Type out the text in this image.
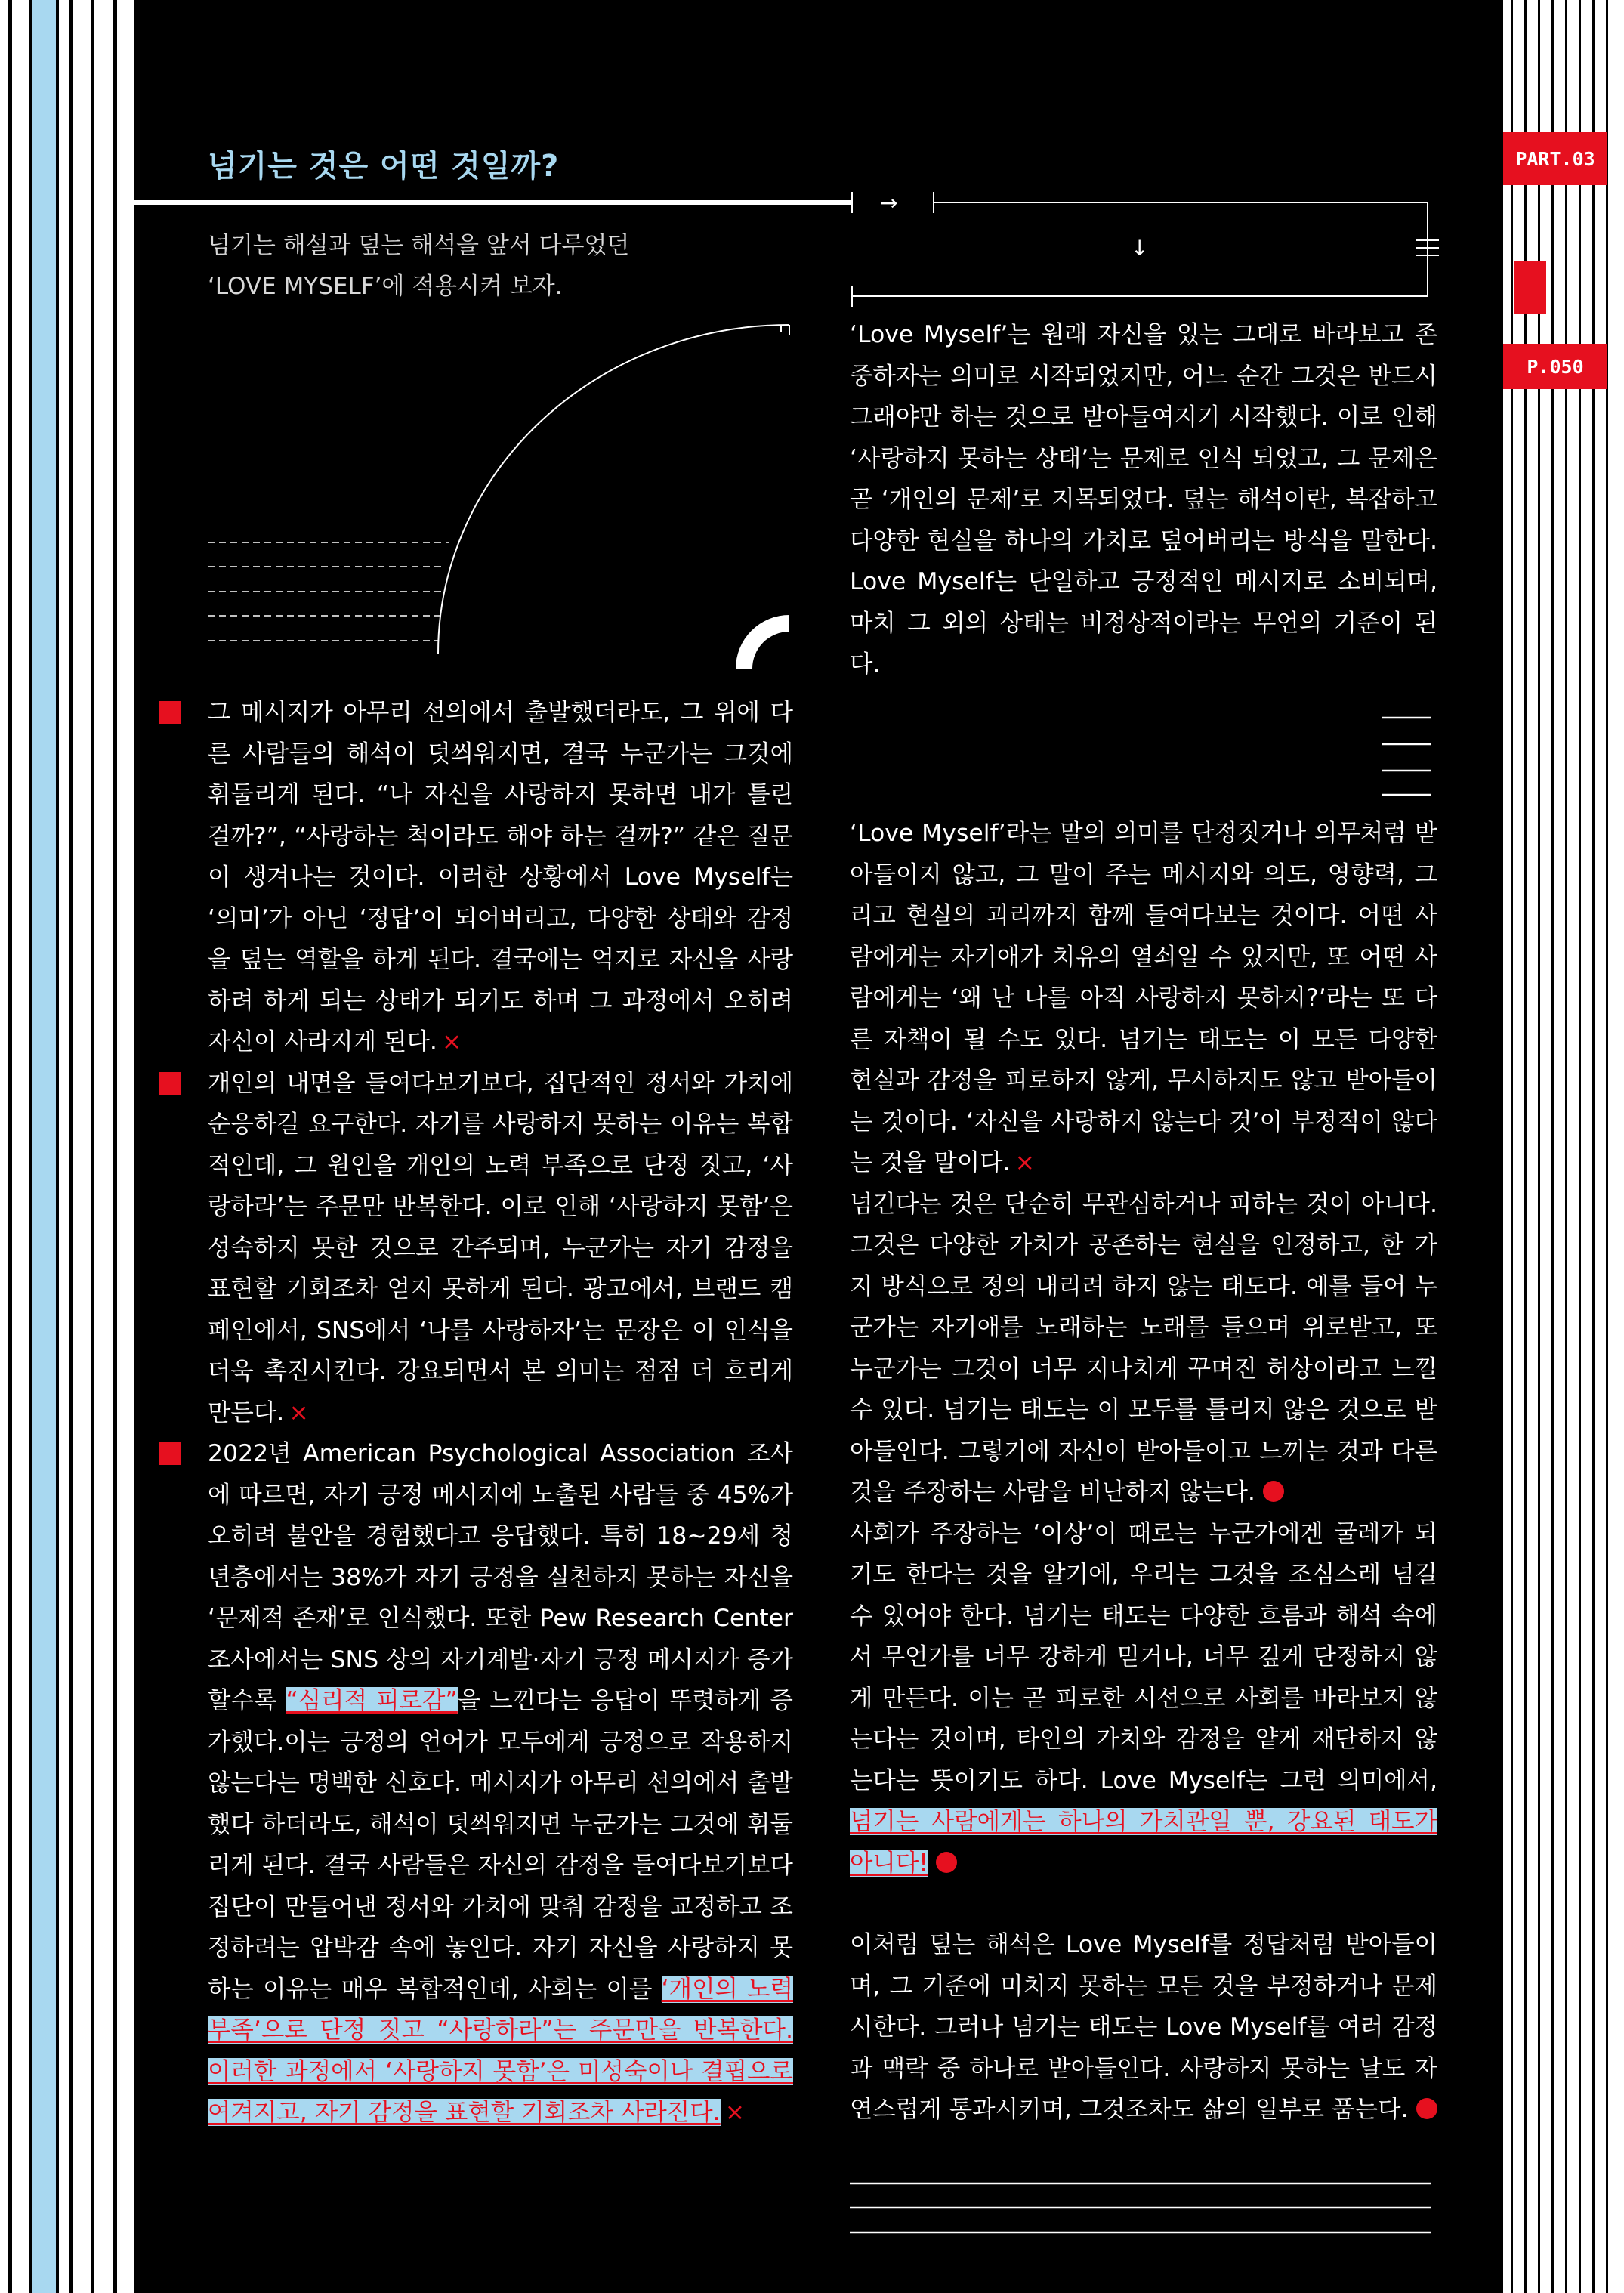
PART.03
P.050
→
↓
넘기는 것은 어떤 것일까?
넘기는 해설과 덮는 해석을 앞서 다루었던
‘LOVE MYSELF’에 적용시켜 보자.

그 메시지가 아무리 선의에서 출발했더라도, 그 위에 다른 사람들의 해석이 덧씌워지면, 결국 누군가는 그것에 휘둘리게 된다. “나 자신을 사랑하지 못하면 내가 틀린 걸까?”, “사랑하는 척이라도 해야 하는 걸까?” 같은 질문이 생겨나는 것이다. 이러한 상황에서 Love Myself는 ‘의미’가 아닌 ‘정답’이 되어버리고, 다양한 상태와 감정을 덮는 역할을 하게 된다. 결국에는 억지로 자신을 사랑하려 하게 되는 상태가 되기도 하며 그 과정에서 오히려 자신이 사라지게 된다. ×

개인의 내면을 들여다보기보다, 집단적인 정서와 가치에 순응하길 요구한다. 자기를 사랑하지 못하는 이유는 복합적인데, 그 원인을 개인의 노력 부족으로 단정 짓고, ‘사랑하라’는 주문만 반복한다. 이로 인해 ‘사랑하지 못함’은 성숙하지 못한 것으로 간주되며, 누군가는 자기 감정을 표현할 기회조차 얻지 못하게 된다. 광고에서, 브랜드 캠페인에서, SNS에서 ‘나를 사랑하자’는 문장은 이 인식을 더욱 촉진시킨다. 강요되면서 본 의미는 점점 더 흐리게 만든다. ×

2022년 American Psychological Association 조사에 따르면, 자기 긍정 메시지에 노출된 사람들 중 45%가 오히려 불안을 경험했다고 응답했다. 특히 18~29세 청년층에서는 38%가 자기 긍정을 실천하지 못하는 자신을 ‘문제적 존재’로 인식했다. 또한 Pew Research Center 조사에서는 SNS 상의 자기계발·자기 긍정 메시지가 증가할수록 “심리적 피로감”을 느낀다는 응답이 뚜렷하게 증가했다.이는 긍정의 언어가 모두에게 긍정으로 작용하지 않는다는 명백한 신호다. 메시지가 아무리 선의에서 출발했다 하더라도, 해석이 덧씌워지면 누군가는 그것에 휘둘리게 된다. 결국 사람들은 자신의 감정을 들여다보기보다 집단이 만들어낸 정서와 가치에 맞춰 감정을 교정하고 조정하려는 압박감 속에 놓인다. 자기 자신을 사랑하지 못하는 이유는 매우 복합적인데, 사회는 이를 ‘개인의 노력 부족’으로 단정 짓고 “사랑하라”는 주문만을 반복한다. 이러한 과정에서 ‘사랑하지 못함’은 미성숙이나 결핍으로 여겨지고, 자기 감정을 표현할 기회조차 사라진다. ×

‘Love Myself’는 원래 자신을 있는 그대로 바라보고 존중하자는 의미로 시작되었지만, 어느 순간 그것은 반드시 그래야만 하는 것으로 받아들여지기 시작했다. 이로 인해 ‘사랑하지 못하는 상태’는 문제로 인식 되었고, 그 문제은 곧 ‘개인의 문제’로 지목되었다. 덮는 해석이란, 복잡하고 다양한 현실을 하나의 가치로 덮어버리는 방식을 말한다. Love Myself는 단일하고 긍정적인 메시지로 소비되며, 마치 그 외의 상태는 비정상적이라는 무언의 기준이 된다.

‘Love Myself’라는 말의 의미를 단정짓거나 의무처럼 받아들이지 않고, 그 말이 주는 메시지와 의도, 영향력, 그리고 현실의 괴리까지 함께 들여다보는 것이다. 어떤 사람에게는 자기애가 치유의 열쇠일 수 있지만, 또 어떤 사람에게는 ‘왜 난 나를 아직 사랑하지 못하지?’라는 또 다른 자책이 될 수도 있다. 넘기는 태도는 이 모든 다양한 현실과 감정을 피로하지 않게, 무시하지도 않고 받아들이는 것이다. ‘자신을 사랑하지 않는다 것’이 부정적이 않다는 것을 말이다. ×

넘긴다는 것은 단순히 무관심하거나 피하는 것이 아니다. 그것은 다양한 가치가 공존하는 현실을 인정하고, 한 가지 방식으로 정의 내리려 하지 않는 태도다. 예를 들어 누군가는 자기애를 노래하는 노래를 들으며 위로받고, 또 누군가는 그것이 너무 지나치게 꾸며진 허상이라고 느낄 수 있다. 넘기는 태도는 이 모두를 틀리지 않은 것으로 받아들인다. 그렇기에 자신이 받아들이고 느끼는 것과 다른 것을 주장하는 사람을 비난하지 않는다.

사회가 주장하는 ‘이상’이 때로는 누군가에겐 굴레가 되기도 한다는 것을 알기에, 우리는 그것을 조심스레 넘길 수 있어야 한다. 넘기는 태도는 다양한 흐름과 해석 속에서 무언가를 너무 강하게 믿거나, 너무 깊게 단정하지 않게 만든다. 이는 곧 피로한 시선으로 사회를 바라보지 않는다는 것이며, 타인의 가치와 감정을 얕게 재단하지 않는다는 뜻이기도 하다. Love Myself는 그런 의미에서, 넘기는 사람에게는 하나의 가치관일 뿐, 강요된 태도가 아니다!

이처럼 덮는 해석은 Love Myself를 정답처럼 받아들이며, 그 기준에 미치지 못하는 모든 것을 부정하거나 문제시한다. 그러나 넘기는 태도는 Love Myself를 여러 감정과 맥락 중 하나로 받아들인다. 사랑하지 못하는 날도 자연스럽게 통과시키며, 그것조차도 삶의 일부로 품는다.
